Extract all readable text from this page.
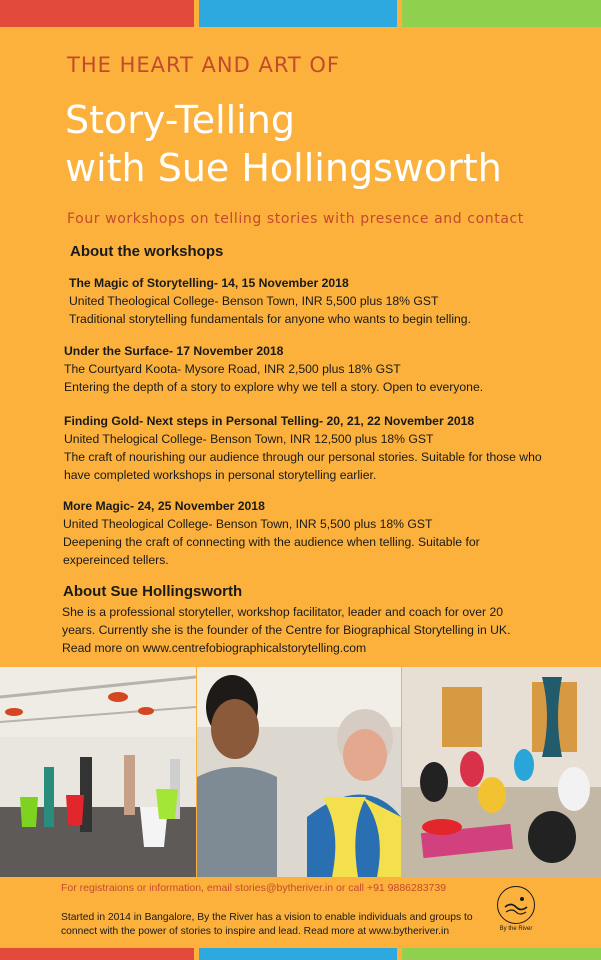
THE HEART AND ART OF
Story-Telling
with Sue Hollingsworth
Four workshops on telling stories with presence and contact
About the workshops
The Magic of Storytelling- 14, 15 November 2018
United Theological College- Benson Town, INR 5,500 plus 18% GST
Traditional storytelling fundamentals for anyone who wants to begin telling.
Under the Surface- 17 November 2018
The Courtyard Koota- Mysore Road, INR 2,500 plus 18% GST
Entering the depth of a story to explore why we tell a story. Open to everyone.
Finding Gold- Next steps in Personal Telling- 20, 21, 22 November 2018
United Thelogical College- Benson Town, INR 12,500 plus 18% GST
The craft of nourishing our audience through our personal stories. Suitable for those who have completed workshops in personal storytelling earlier.
More Magic- 24, 25 November 2018
United Theological College- Benson Town, INR 5,500 plus 18% GST
Deepening the craft of connecting with the audience when telling. Suitable for expereinced tellers.
About Sue Hollingsworth
She is a professional storyteller, workshop facilitator, leader and coach for over 20 years. Currently she is the founder of the Centre for Biographical Storytelling in UK. Read more on www.centrefobiographicalstorytelling.com
For registraions or information, email stories@bytheriver.in or call +91 9886283739
Started in 2014 in Bangalore, By the River has a vision to enable individuals and groups to connect with the power of stories to inspire and lead. Read more at www.bytheriver.in	By the River
